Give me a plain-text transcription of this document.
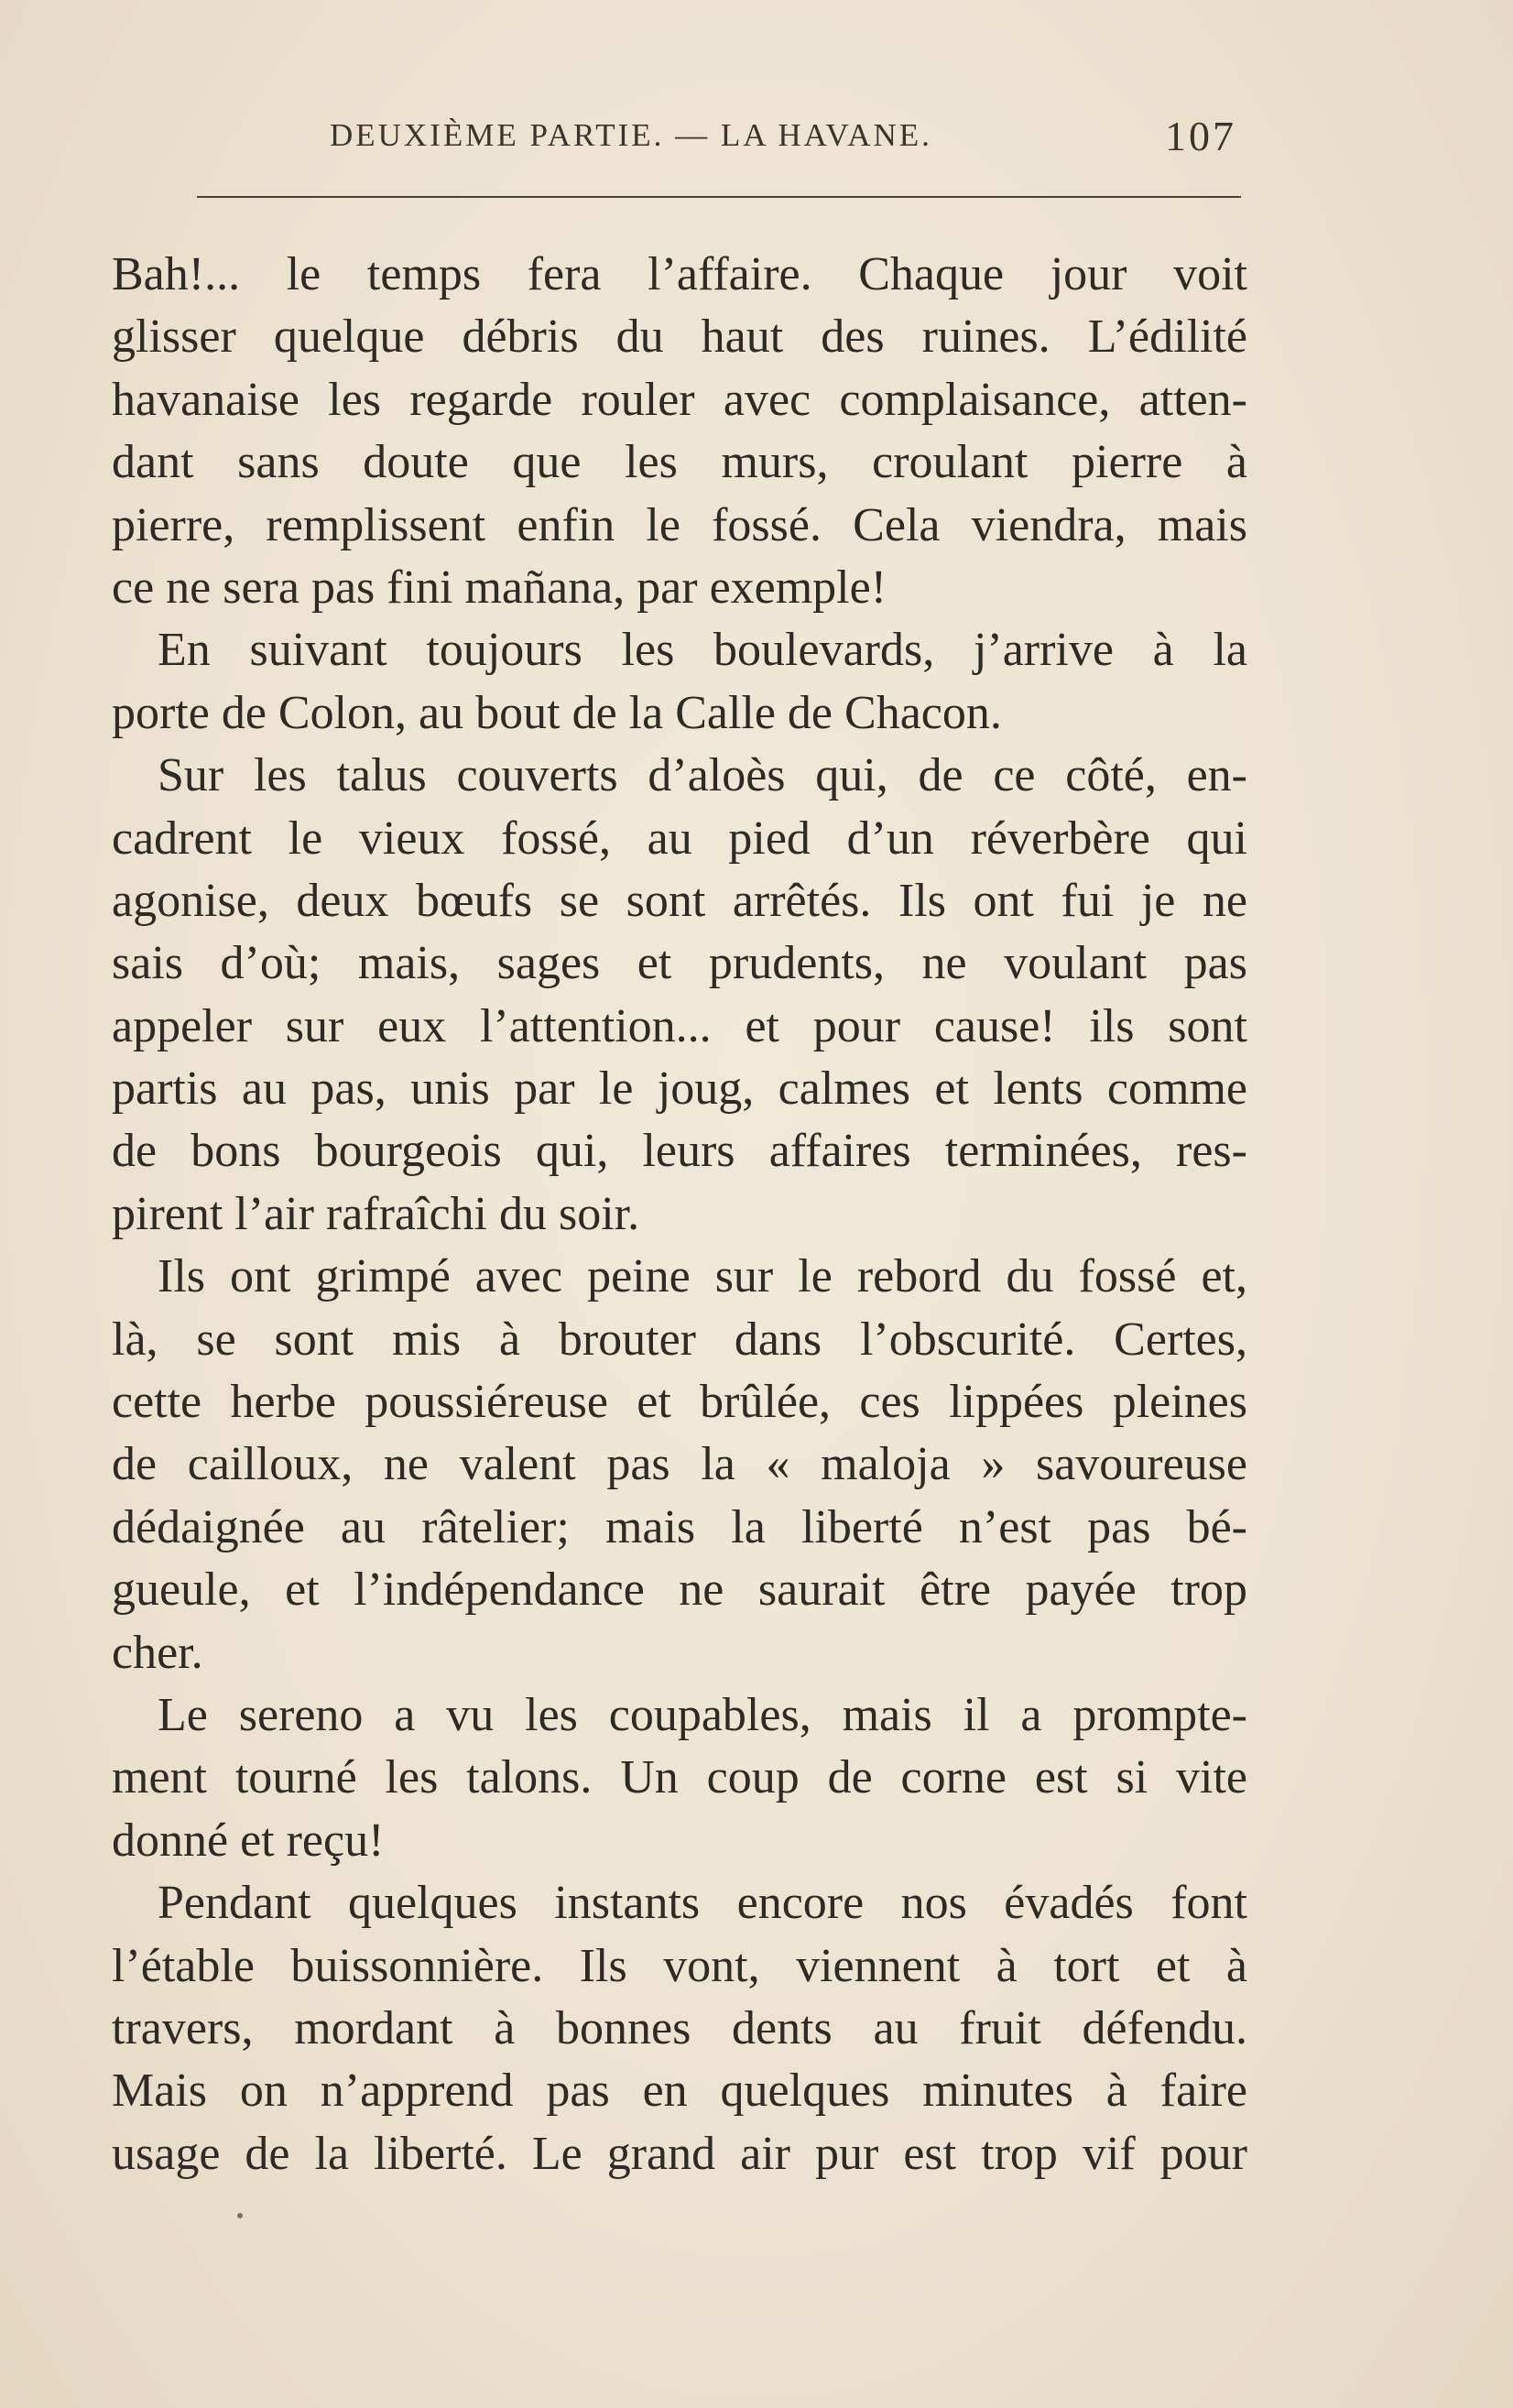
DEUXIÈME PARTIE. — LA HAVANE.	107
Bah!... le temps fera l’affaire. Chaque jour voit
glisser quelque débris du haut des ruines. L’édilité
havanaise les regarde rouler avec complaisance, atten-
dant sans doute que les murs, croulant pierre à
pierre, remplissent enfin le fossé. Cela viendra, mais
ce ne sera pas fini mañana, par exemple!
En suivant toujours les boulevards, j’arrive à la
porte de Colon, au bout de la Calle de Chacon.
Sur les talus couverts d’aloès qui, de ce côté, en-
cadrent le vieux fossé, au pied d’un réverbère qui
agonise, deux bœufs se sont arrêtés. Ils ont fui je ne
sais d’où; mais, sages et prudents, ne voulant pas
appeler sur eux l’attention... et pour cause! ils sont
partis au pas, unis par le joug, calmes et lents comme
de bons bourgeois qui, leurs affaires terminées, res-
pirent l’air rafraîchi du soir.
Ils ont grimpé avec peine sur le rebord du fossé et,
là, se sont mis à brouter dans l’obscurité. Certes,
cette herbe poussiéreuse et brûlée, ces lippées pleines
de cailloux, ne valent pas la « maloja » savoureuse
dédaignée au râtelier; mais la liberté n’est pas bé-
gueule, et l’indépendance ne saurait être payée trop
cher.
Le sereno a vu les coupables, mais il a prompte-
ment tourné les talons. Un coup de corne est si vite
donné et reçu!
Pendant quelques instants encore nos évadés font
l’étable buissonnière. Ils vont, viennent à tort et à
travers, mordant à bonnes dents au fruit défendu.
Mais on n’apprend pas en quelques minutes à faire
usage de la liberté. Le grand air pur est trop vif pour
